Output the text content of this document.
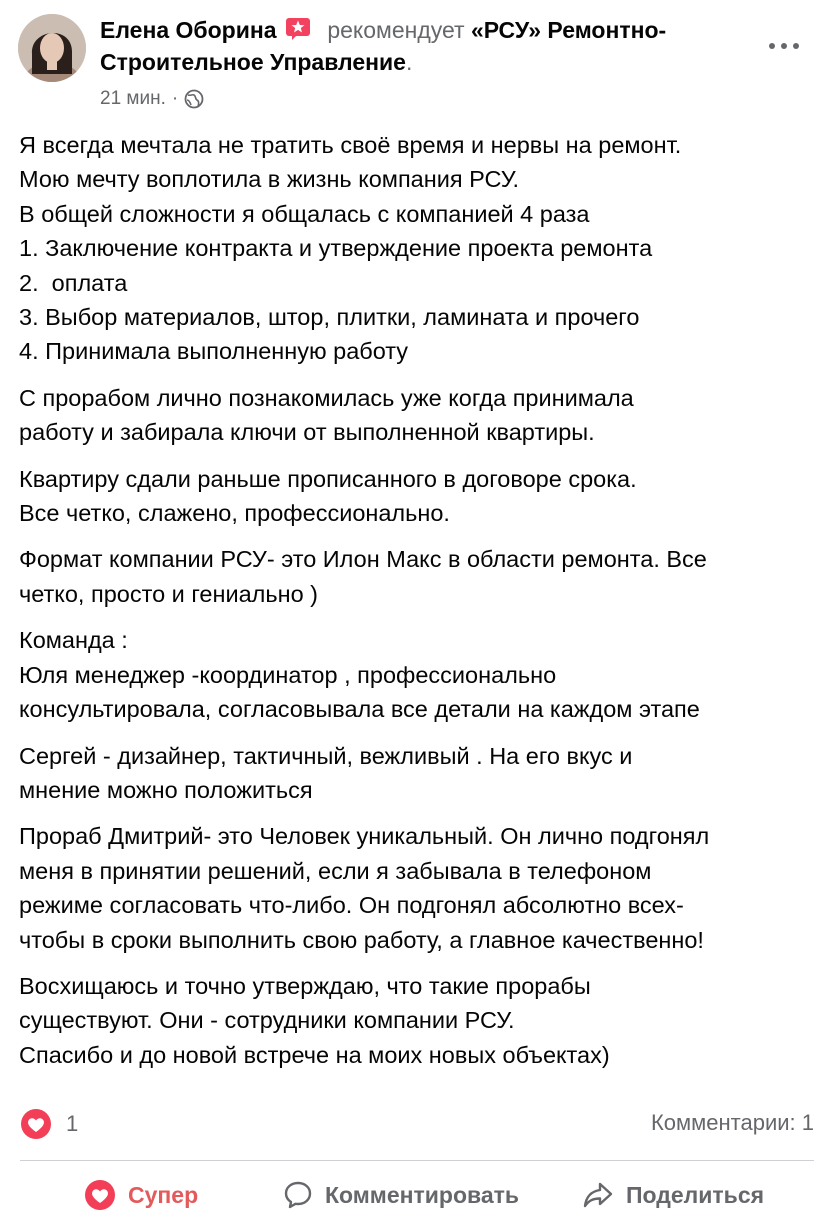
Елена Оборина рекомендует «РСУ» Ремонтно-Строительное Управление.
21 мин. ·

Я всегда мечтала не тратить своё время и нервы на ремонт.
Мою мечту воплотила в жизнь компания РСУ.
В общей сложности я общалась с компанией 4 раза
1. Заключение контракта и утверждение проекта ремонта
2.  оплата
3. Выбор материалов, штор, плитки, ламината и прочего
4. Принимала выполненную работу

С прорабом лично познакомилась уже когда принимала
работу и забирала ключи от выполненной квартиры.

Квартиру сдали раньше прописанного в договоре срока.
Все четко, слажено, профессионально.

Формат компании РСУ- это Илон Макс в области ремонта. Все
четко, просто и гениально )

Команда :
Юля менеджер -координатор , профессионально
консультировала, согласовывала все детали на каждом этапе

Сергей - дизайнер, тактичный, вежливый . На его вкус и
мнение можно положиться

Прораб Дмитрий- это Человек уникальный. Он лично подгонял
меня в принятии решений, если я забывала в телефоном
режиме согласовать что-либо. Он подгонял абсолютно всех-
чтобы в сроки выполнить свою работу, а главное качественно!

Восхищаюсь и точно утверждаю, что такие прорабы
существуют. Они - сотрудники компании РСУ.
Спасибо и до новой встрече на моих новых объектах)

1	Комментарии: 1
Супер	Комментировать	Поделиться
